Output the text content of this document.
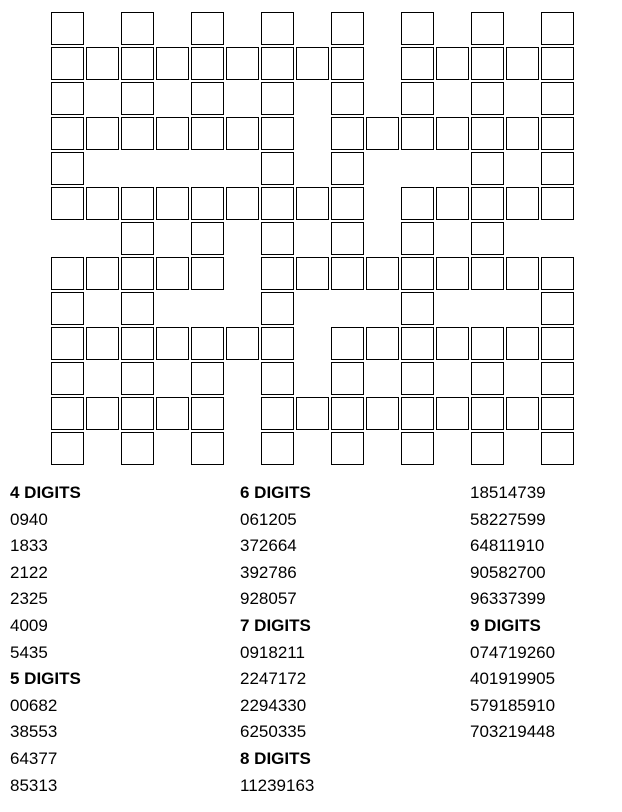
4 DIGITS
0940
1833
2122
2325
4009
5435
5 DIGITS
00682
38553
64377
85313
6 DIGITS
061205
372664
392786
928057
7 DIGITS
0918211
2247172
2294330
6250335
8 DIGITS
11239163
18514739
58227599
64811910
90582700
96337399
9 DIGITS
074719260
401919905
579185910
703219448
